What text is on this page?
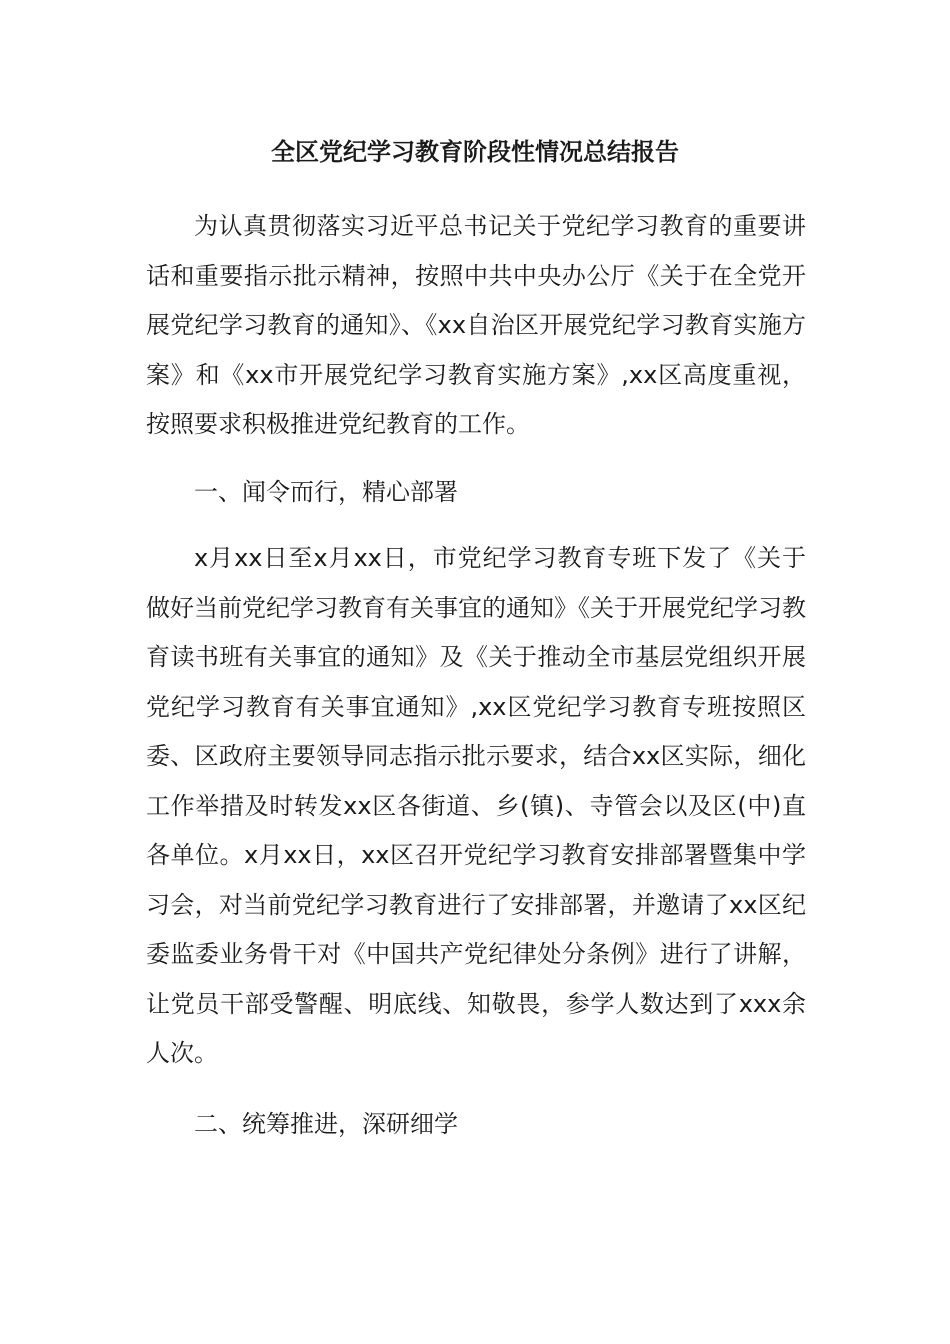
全区党纪学习教育阶段性情况总结报告

为认真贯彻落实习近平总书记关于党纪学习教育的重要讲话和重要指示批示精神，按照中共中央办公厅《关于在全党开展党纪学习教育的通知》、《xx自治区开展党纪学习教育实施方案》和《xx市开展党纪学习教育实施方案》,xx区高度重视，按照要求积极推进党纪教育的工作。

一、闻令而行，精心部署

x月xx日至x月xx日，市党纪学习教育专班下发了《关于做好当前党纪学习教育有关事宜的通知》《关于开展党纪学习教育读书班有关事宜的通知》及《关于推动全市基层党组织开展党纪学习教育有关事宜通知》,xx区党纪学习教育专班按照区委、区政府主要领导同志指示批示要求，结合xx区实际，细化工作举措及时转发xx区各街道、乡(镇)、寺管会以及区(中)直各单位。x月xx日，xx区召开党纪学习教育安排部署暨集中学习会，对当前党纪学习教育进行了安排部署，并邀请了xx区纪委监委业务骨干对《中国共产党纪律处分条例》进行了讲解，让党员干部受警醒、明底线、知敬畏，参学人数达到了xxx余人次。

二、统筹推进，深研细学
